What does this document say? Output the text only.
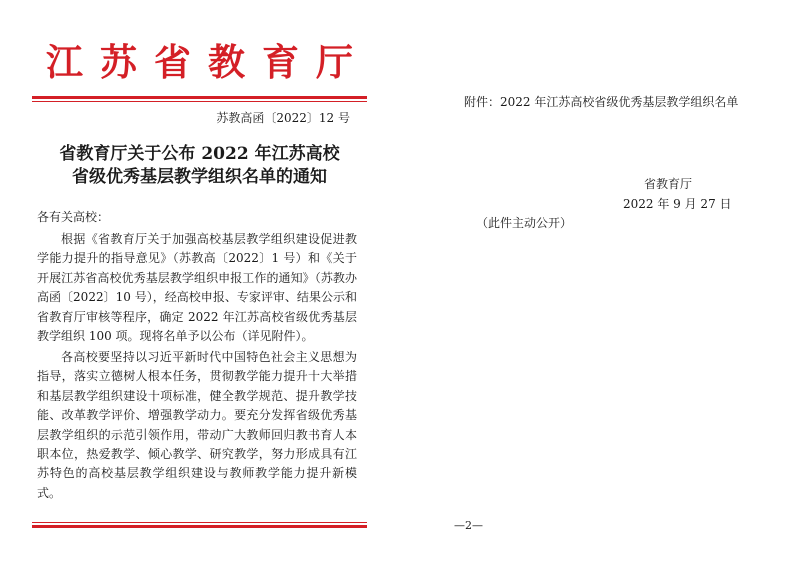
江苏省教育厅
苏教高函〔2022〕12 号
省教育厅关于公布 2022 年江苏高校
省级优秀基层教学组织名单的通知
各有关高校：

根据《省教育厅关于加强高校基层教学组织建设促进教学能力提升的指导意见》（苏教高〔2022〕1 号）和《关于开展江苏省高校优秀基层教学组织申报工作的通知》（苏教办高函〔2022〕10 号），经高校申报、专家评审、结果公示和省教育厅审核等程序，确定 2022 年江苏高校省级优秀基层教学组织 100 项。现将名单予以公布（详见附件）。

各高校要坚持以习近平新时代中国特色社会主义思想为指导，落实立德树人根本任务，贯彻教学能力提升十大举措和基层教学组织建设十项标准，健全教学规范、提升教学技能、改革教学评价、增强教学动力。要充分发挥省级优秀基层教学组织的示范引领作用，带动广大教师回归教书育人本职本位，热爱教学、倾心教学、研究教学，努力形成具有江苏特色的高校基层教学组织建设与教师教学能力提升新模式。

附件：2022 年江苏高校省级优秀基层教学组织名单
省教育厅
2022 年 9 月 27 日
（此件主动公开）
—2—
